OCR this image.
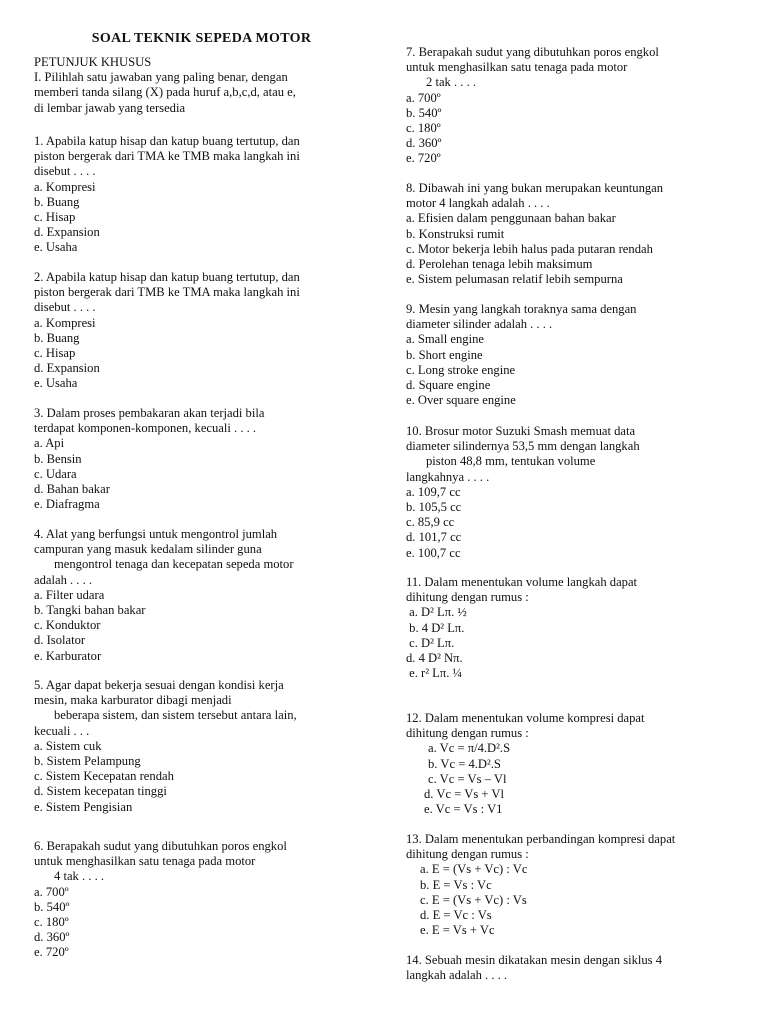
SOAL TEKNIK SEPEDA MOTOR
PETUNJUK KHUSUS
I. Pilihlah satu jawaban yang paling benar, dengan
memberi tanda silang (X) pada huruf a,b,c,d, atau e,
di lembar jawab yang tersedia
1. Apabila katup hisap dan katup buang tertutup, dan
piston bergerak dari TMA ke TMB maka langkah ini
disebut . . . .
a. Kompresi
b. Buang
c. Hisap
d. Expansion
e. Usaha
2. Apabila katup hisap dan katup buang tertutup, dan
piston bergerak dari TMB ke TMA maka langkah ini
disebut . . . .
a. Kompresi
b. Buang
c. Hisap
d. Expansion
e. Usaha
3. Dalam proses pembakaran akan terjadi bila
terdapat komponen-komponen, kecuali . . . .
a. Api
b. Bensin
c. Udara
d. Bahan bakar
e. Diafragma
4. Alat yang berfungsi untuk mengontrol jumlah
campuran yang masuk kedalam silinder guna
mengontrol tenaga dan kecepatan sepeda motor
adalah . . . .
a. Filter udara
b. Tangki bahan bakar
c. Konduktor
d. Isolator
e. Karburator
5. Agar dapat bekerja sesuai dengan kondisi kerja
mesin, maka karburator dibagi menjadi
beberapa sistem, dan sistem tersebut antara lain,
kecuali . . .
a. Sistem cuk
b. Sistem Pelampung
c. Sistem Kecepatan rendah
d. Sistem kecepatan tinggi
e. Sistem Pengisian
6. Berapakah sudut yang dibutuhkan poros engkol
untuk menghasilkan satu tenaga pada motor
4 tak . . . .
a. 700º
b. 540º
c. 180º
d. 360º
e. 720º
7. Berapakah sudut yang dibutuhkan poros engkol
untuk menghasilkan satu tenaga pada motor
2 tak . . . .
a. 700º
b. 540º
c. 180º
d. 360º
e. 720º
8. Dibawah ini yang bukan merupakan keuntungan
motor 4 langkah adalah . . . .
a. Efisien dalam penggunaan bahan bakar
b. Konstruksi rumit
c. Motor bekerja lebih halus pada putaran rendah
d. Perolehan tenaga lebih maksimum
e. Sistem pelumasan relatif lebih sempurna
9. Mesin yang langkah toraknya sama dengan
diameter silinder adalah . . . .
a. Small engine
b. Short engine
c. Long stroke engine
d. Square engine
e. Over square engine
10. Brosur motor Suzuki Smash memuat data
diameter silindernya 53,5 mm dengan langkah
piston 48,8 mm, tentukan volume
langkahnya . . . .
a. 109,7 cc
b. 105,5 cc
c. 85,9 cc
d. 101,7 cc
e. 100,7 cc
11. Dalam menentukan volume langkah dapat
dihitung dengan rumus :
a. D² Lπ. ½
b. 4 D² Lπ.
c. D² Lπ.
d. 4 D² Nπ.
e. r² Lπ. ¼
12. Dalam menentukan volume kompresi dapat
dihitung dengan rumus :
a. Vc = π/4.D².S
b. Vc = 4.D².S
c. Vc = Vs – Vl
d. Vc = Vs + Vl
e. Vc = Vs : V1
13. Dalam menentukan perbandingan kompresi dapat
dihitung dengan rumus :
a. E = (Vs + Vc) : Vc
b. E = Vs : Vc
c. E = (Vs + Vc) : Vs
d. E = Vc : Vs
e. E = Vs + Vc
14. Sebuah mesin dikatakan mesin dengan siklus 4
langkah adalah . . . .
